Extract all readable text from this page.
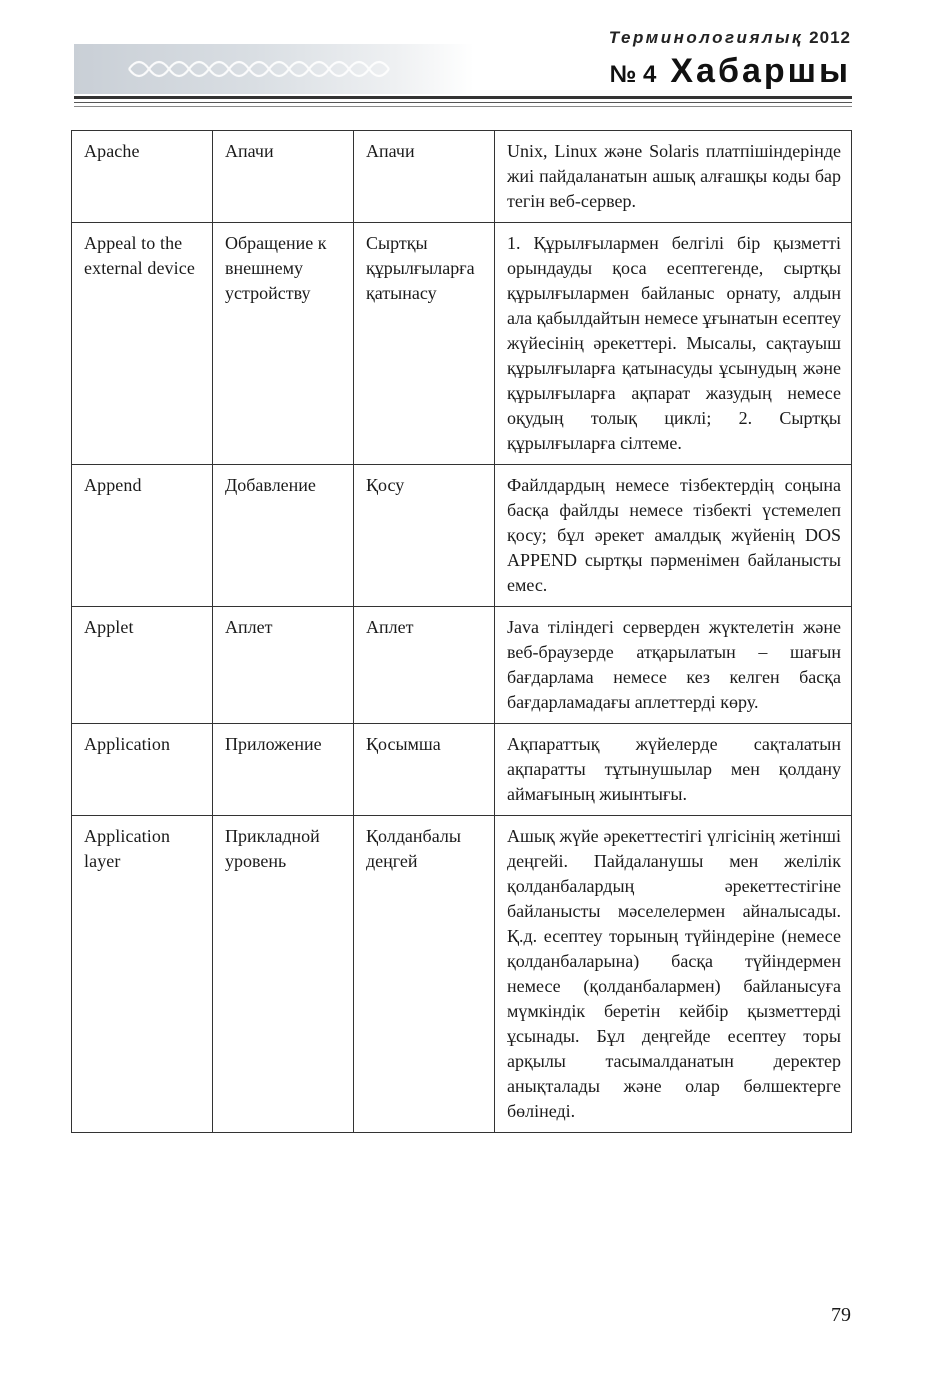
Терминологиялық 2012
№ 4 Хабаршы
Apache	Апачи	Апачи	Unix, Linux және Solaris платпішіндерінде жиі пайдаланатын ашық алғашқы коды бар тегін веб-сервер.
Appeal to the external device	Обращение к внешнему устройству	Сыртқы құрылғыларға қатынасу	1. Құрылғылармен белгілі бір қызметті орындауды қоса есептегенде, сыртқы құрылғылармен байланыс орнату, алдын ала қабылдайтын немесе ұғынатын есептеу жүйесінің әрекеттері. Мысалы, сақтауыш құрылғыларға қатынасуды ұсынудың және құрылғыларға ақпарат жазудың немесе оқудың толық циклі; 2. Сыртқы құрылғыларға сілтеме.
Append	Добавление	Қосу	Файлдардың немесе тізбектердің соңына басқа файлды немесе тізбекті үстемелеп қосу; бұл әрекет амалдық жүйенің DOS APPEND сыртқы пәрменімен байланысты емес.
Applet	Аплет	Аплет	Java тіліндегі серверден жүктелетін және веб-браузерде атқарылатын – шағын бағдарлама немесе кез келген басқа бағдарламадағы аплеттерді көру.
Application	Приложение	Қосымша	Ақпараттық жүйелерде сақталатын ақпаратты тұтынушылар мен қолдану аймағының жиынтығы.
Application layer	Прикладной уровень	Қолданбалы деңгей	Ашық жүйе әрекеттестігі үлгісінің жетінші деңгейі. Пайдаланушы мен желілік қолданбалардың әрекеттестігіне байланысты мәселелермен айналысады. Қ.д. есептеу торының түйіндеріне (немесе қолданбаларына) басқа түйіндермен немесе (қолданбалармен) байланысуға мүмкіндік беретін кейбір қызметтерді ұсынады. Бұл деңгейде есептеу торы арқылы тасымалданатын деректер анықталады және олар бөлшектерге бөлінеді.
79
